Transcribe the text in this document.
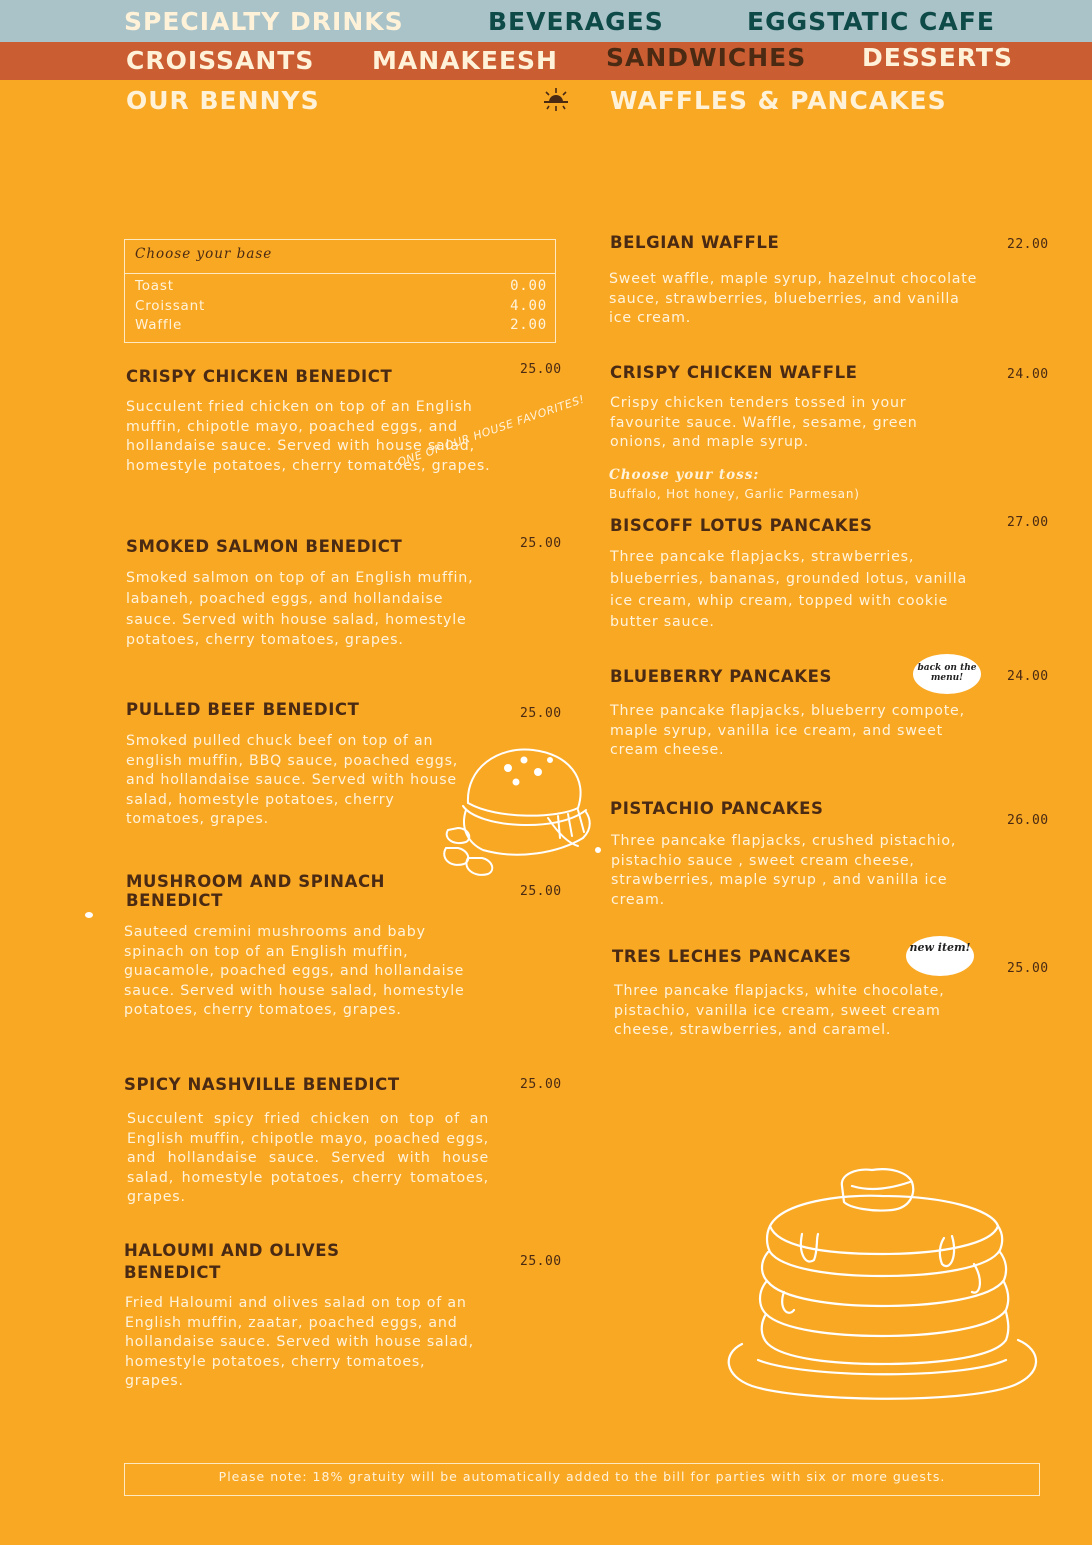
SPECIALTY DRINKS	BEVERAGES	EGGSTATIC CAFE
CROISSANTS MANAKEESH SANDWICHES DESSERTS
OUR BENNYS	WAFFLES & PANCAKES
Choose your base
Toast	0.00
Croissant	4.00
Waffle	2.00
CRISPY CHICKEN BENEDICT	25.00
Succulent fried chicken on top of an English muffin, chipotle mayo, poached eggs, and hollandaise sauce. Served with house salad, homestyle potatoes, cherry tomatoes, grapes.
ONE OF OUR HOUSE FAVORITES!
SMOKED SALMON BENEDICT	25.00
Smoked salmon on top of an English muffin, labaneh, poached eggs, and hollandaise sauce. Served with house salad, homestyle potatoes, cherry tomatoes, grapes.
PULLED BEEF BENEDICT	25.00
Smoked pulled chuck beef on top of an english muffin, BBQ sauce, poached eggs, and hollandaise sauce. Served with house salad, homestyle potatoes, cherry tomatoes, grapes.
MUSHROOM AND SPINACH BENEDICT	25.00
Sauteed cremini mushrooms and baby spinach on top of an English muffin, guacamole, poached eggs, and hollandaise sauce. Served with house salad, homestyle potatoes, cherry tomatoes, grapes.
SPICY NASHVILLE BENEDICT	25.00
Succulent spicy fried chicken on top of an English muffin, chipotle mayo, poached eggs, and hollandaise sauce. Served with house salad, homestyle potatoes, cherry tomatoes, grapes.
HALOUMI AND OLIVES BENEDICT
25.00
Fried Haloumi and olives salad on top of an English muffin, zaatar, poached eggs, and hollandaise sauce. Served with house salad, homestyle potatoes, cherry tomatoes, grapes.
BELGIAN WAFFLE	22.00
Sweet waffle, maple syrup, hazelnut chocolate sauce, strawberries, blueberries, and vanilla ice cream.
CRISPY CHICKEN WAFFLE	24.00
Crispy chicken tenders tossed in your favourite sauce. Waffle, sesame, green onions, and maple syrup.
Choose your toss:
Buffalo, Hot honey, Garlic Parmesan)
BISCOFF LOTUS PANCAKES	27.00
Three pancake flapjacks, strawberries, blueberries, bananas, grounded lotus, vanilla ice cream, whip cream, topped with cookie butter sauce.
BLUEBERRY PANCAKES	back on the menu!	24.00
Three pancake flapjacks, blueberry compote, maple syrup, vanilla ice cream, and sweet cream cheese.
PISTACHIO PANCAKES
26.00
Three pancake flapjacks, crushed pistachio, pistachio sauce , sweet cream cheese, strawberries, maple syrup , and vanilla ice cream.
TRES LECHES PANCAKES	new item!
25.00
Three pancake flapjacks, white chocolate, pistachio, vanilla ice cream, sweet cream cheese, strawberries, and caramel.
Please note: 18% gratuity will be automatically added to the bill for parties with six or more guests.
